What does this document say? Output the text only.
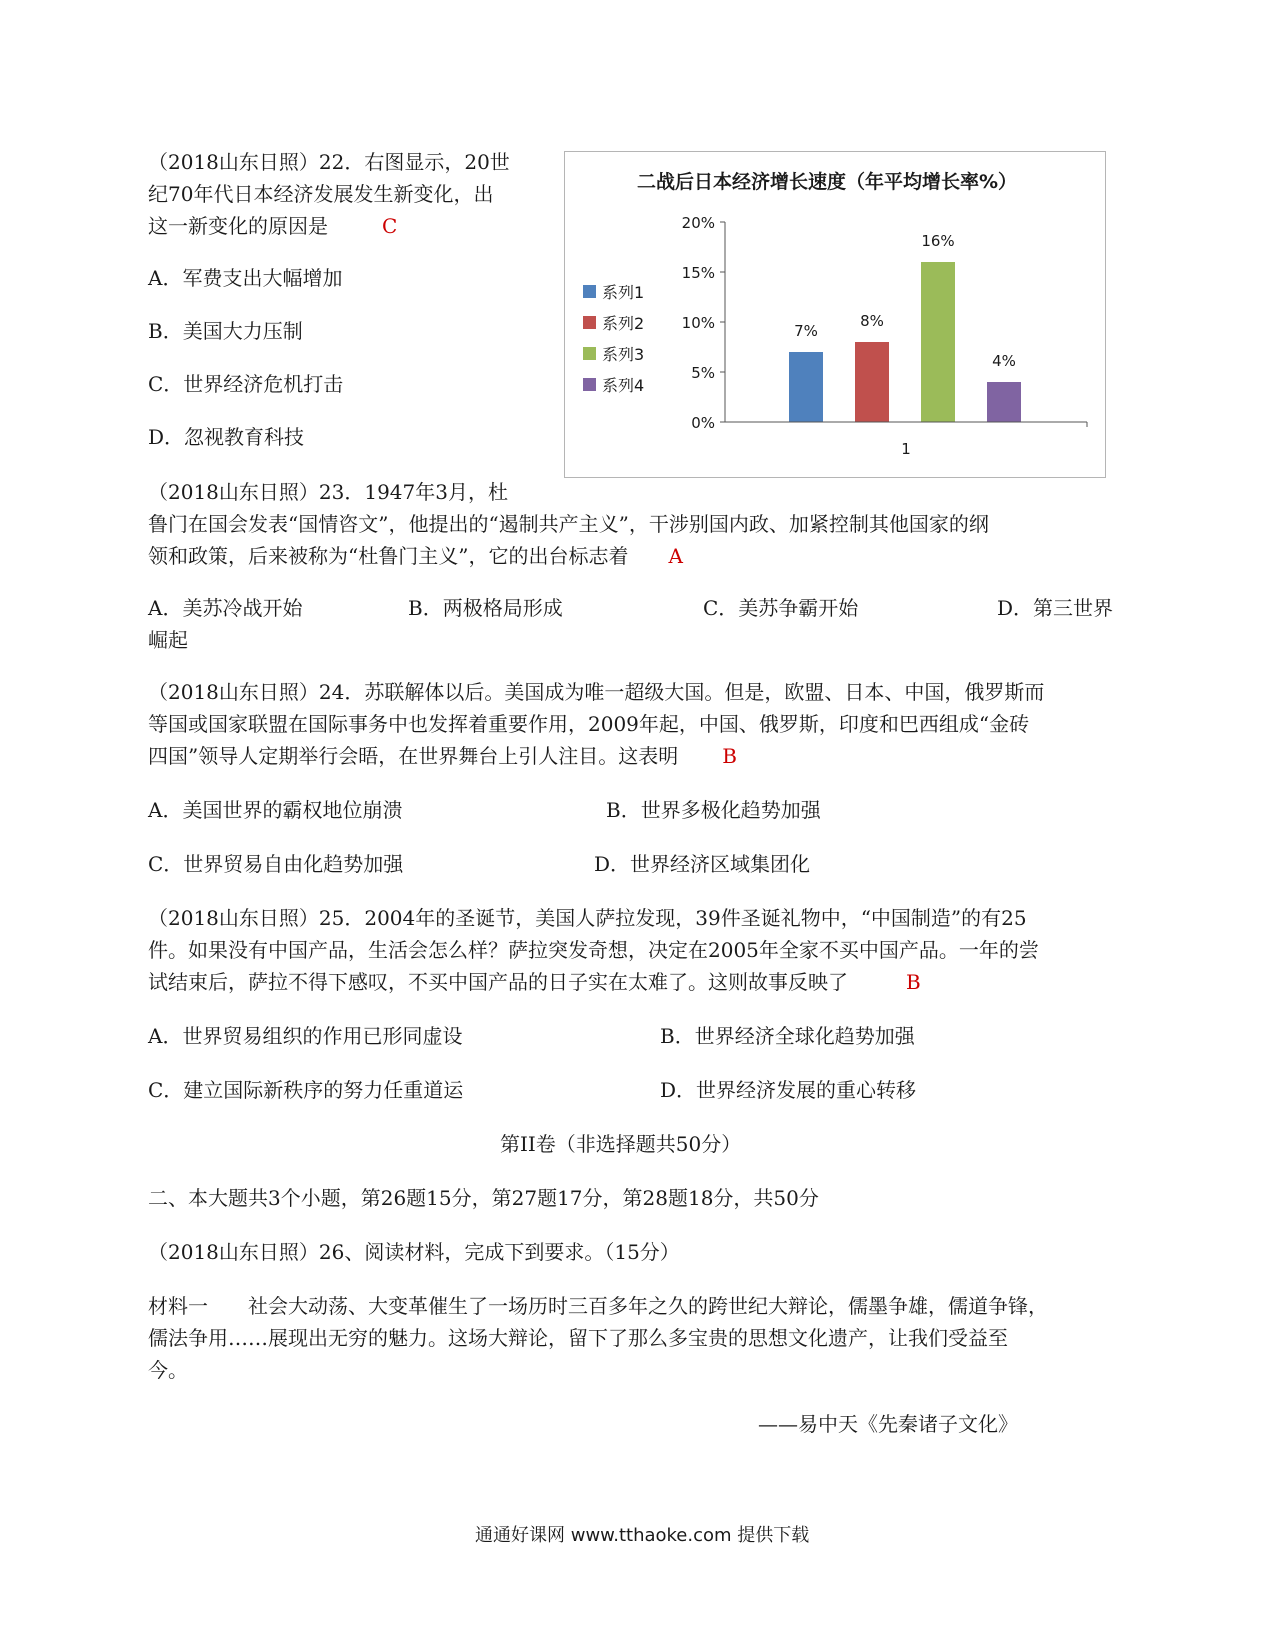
（2018山东日照）22．右图显示，20世
纪70年代日本经济发展发生新变化，出
这一新变化的原因是	C
A．军费支出大幅增加
B．美国大力压制
C．世界经济危机打击
D．忽视教育科技
二战后日本经济增长速度（年平均增长率%）
系列1
系列2
系列3
系列4
0%
5%
10%
15%
20%
7%
8%
16%
4%
1
（2018山东日照）23．1947年3月，杜
鲁门在国会发表“国情咨文”，他提出的“遏制共产主义”，干涉别国内政、加紧控制其他国家的纲
领和政策，后来被称为“杜鲁门主义”，它的出台标志着 A
A．美苏冷战开始	B．两极格局形成	C．美苏争霸开始	D．第三世界
崛起
（2018山东日照）24．苏联解体以后。美国成为唯一超级大国。但是，欧盟、日本、中国，俄罗斯而
等国或国家联盟在国际事务中也发挥着重要作用，2009年起，中国、俄罗斯，印度和巴西组成“金砖
四国”领导人定期举行会晤，在世界舞台上引人注目。这表明 B
A．美国世界的霸权地位崩溃	B．世界多极化趋势加强
C．世界贸易自由化趋势加强	D．世界经济区域集团化
（2018山东日照）25．2004年的圣诞节，美国人萨拉发现，39件圣诞礼物中，“中国制造”的有25
件。如果没有中国产品，生活会怎么样？萨拉突发奇想，决定在2005年全家不买中国产品。一年的尝
试结束后，萨拉不得下感叹，不买中国产品的日子实在太难了。这则故事反映了	B
A．世界贸易组织的作用已形同虚设	B．世界经济全球化趋势加强
C．建立国际新秩序的努力任重道运	D．世界经济发展的重心转移
第II卷（非选择题共50分）
二、本大题共3个小题，第26题15分，第27题17分，第28题18分，共50分
（2018山东日照）26、阅读材料，完成下到要求。（15分）
材料一　　社会大动荡、大变革催生了一场历时三百多年之久的跨世纪大辩论，儒墨争雄，儒道争锋，
儒法争用……展现出无穷的魅力。这场大辩论，留下了那么多宝贵的思想文化遗产，让我们受益至
今。
——易中天《先秦诸子文化》
通通好课网 www.tthaoke.com 提供下载
